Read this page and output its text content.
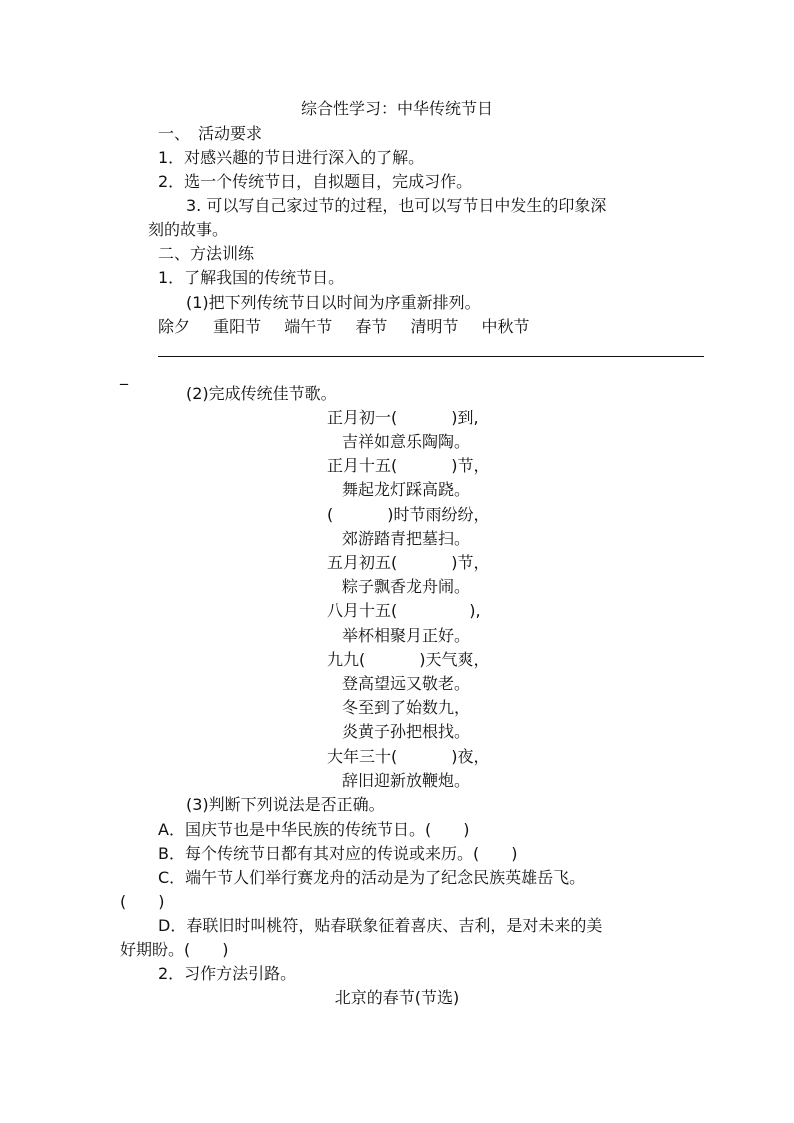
综合性学习：中华传统节日
一、　活动要求
1．对感兴趣的节日进行深入的了解。
2．选一个传统节日，自拟题目，完成习作。
3. 可以写自己家过节的过程，也可以写节日中发生的印象深
刻的故事。
二、方法训练
1．了解我国的传统节日。
(1)把下列传统节日以时间为序重新排列。
除夕 重阳节 端午节 春节 清明节 中秋节
_
(2)完成传统佳节歌。
正月初一(	)到,
吉祥如意乐陶陶。
正月十五(	)节，
舞起龙灯踩高跷。
(	)时节雨纷纷，
郊游踏青把墓扫。
五月初五(	)节，
粽子飘香龙舟闹。
八月十五(	),
举杯相聚月正好。
九九(	)天气爽，
登高望远又敬老。
冬至到了始数九，
炎黄子孙把根找。
大年三十(	)夜，
辞旧迎新放鞭炮。
(3)判断下列说法是否正确。
A．国庆节也是中华民族的传统节日。(　　)
B．每个传统节日都有其对应的传说或来历。(　　)
C．端午节人们举行赛龙舟的活动是为了纪念民族英雄岳飞。
(　　)
D．春联旧时叫桃符，贴春联象征着喜庆、吉利，是对未来的美
好期盼。(　　)
2．习作方法引路。
北京的春节(节选)
